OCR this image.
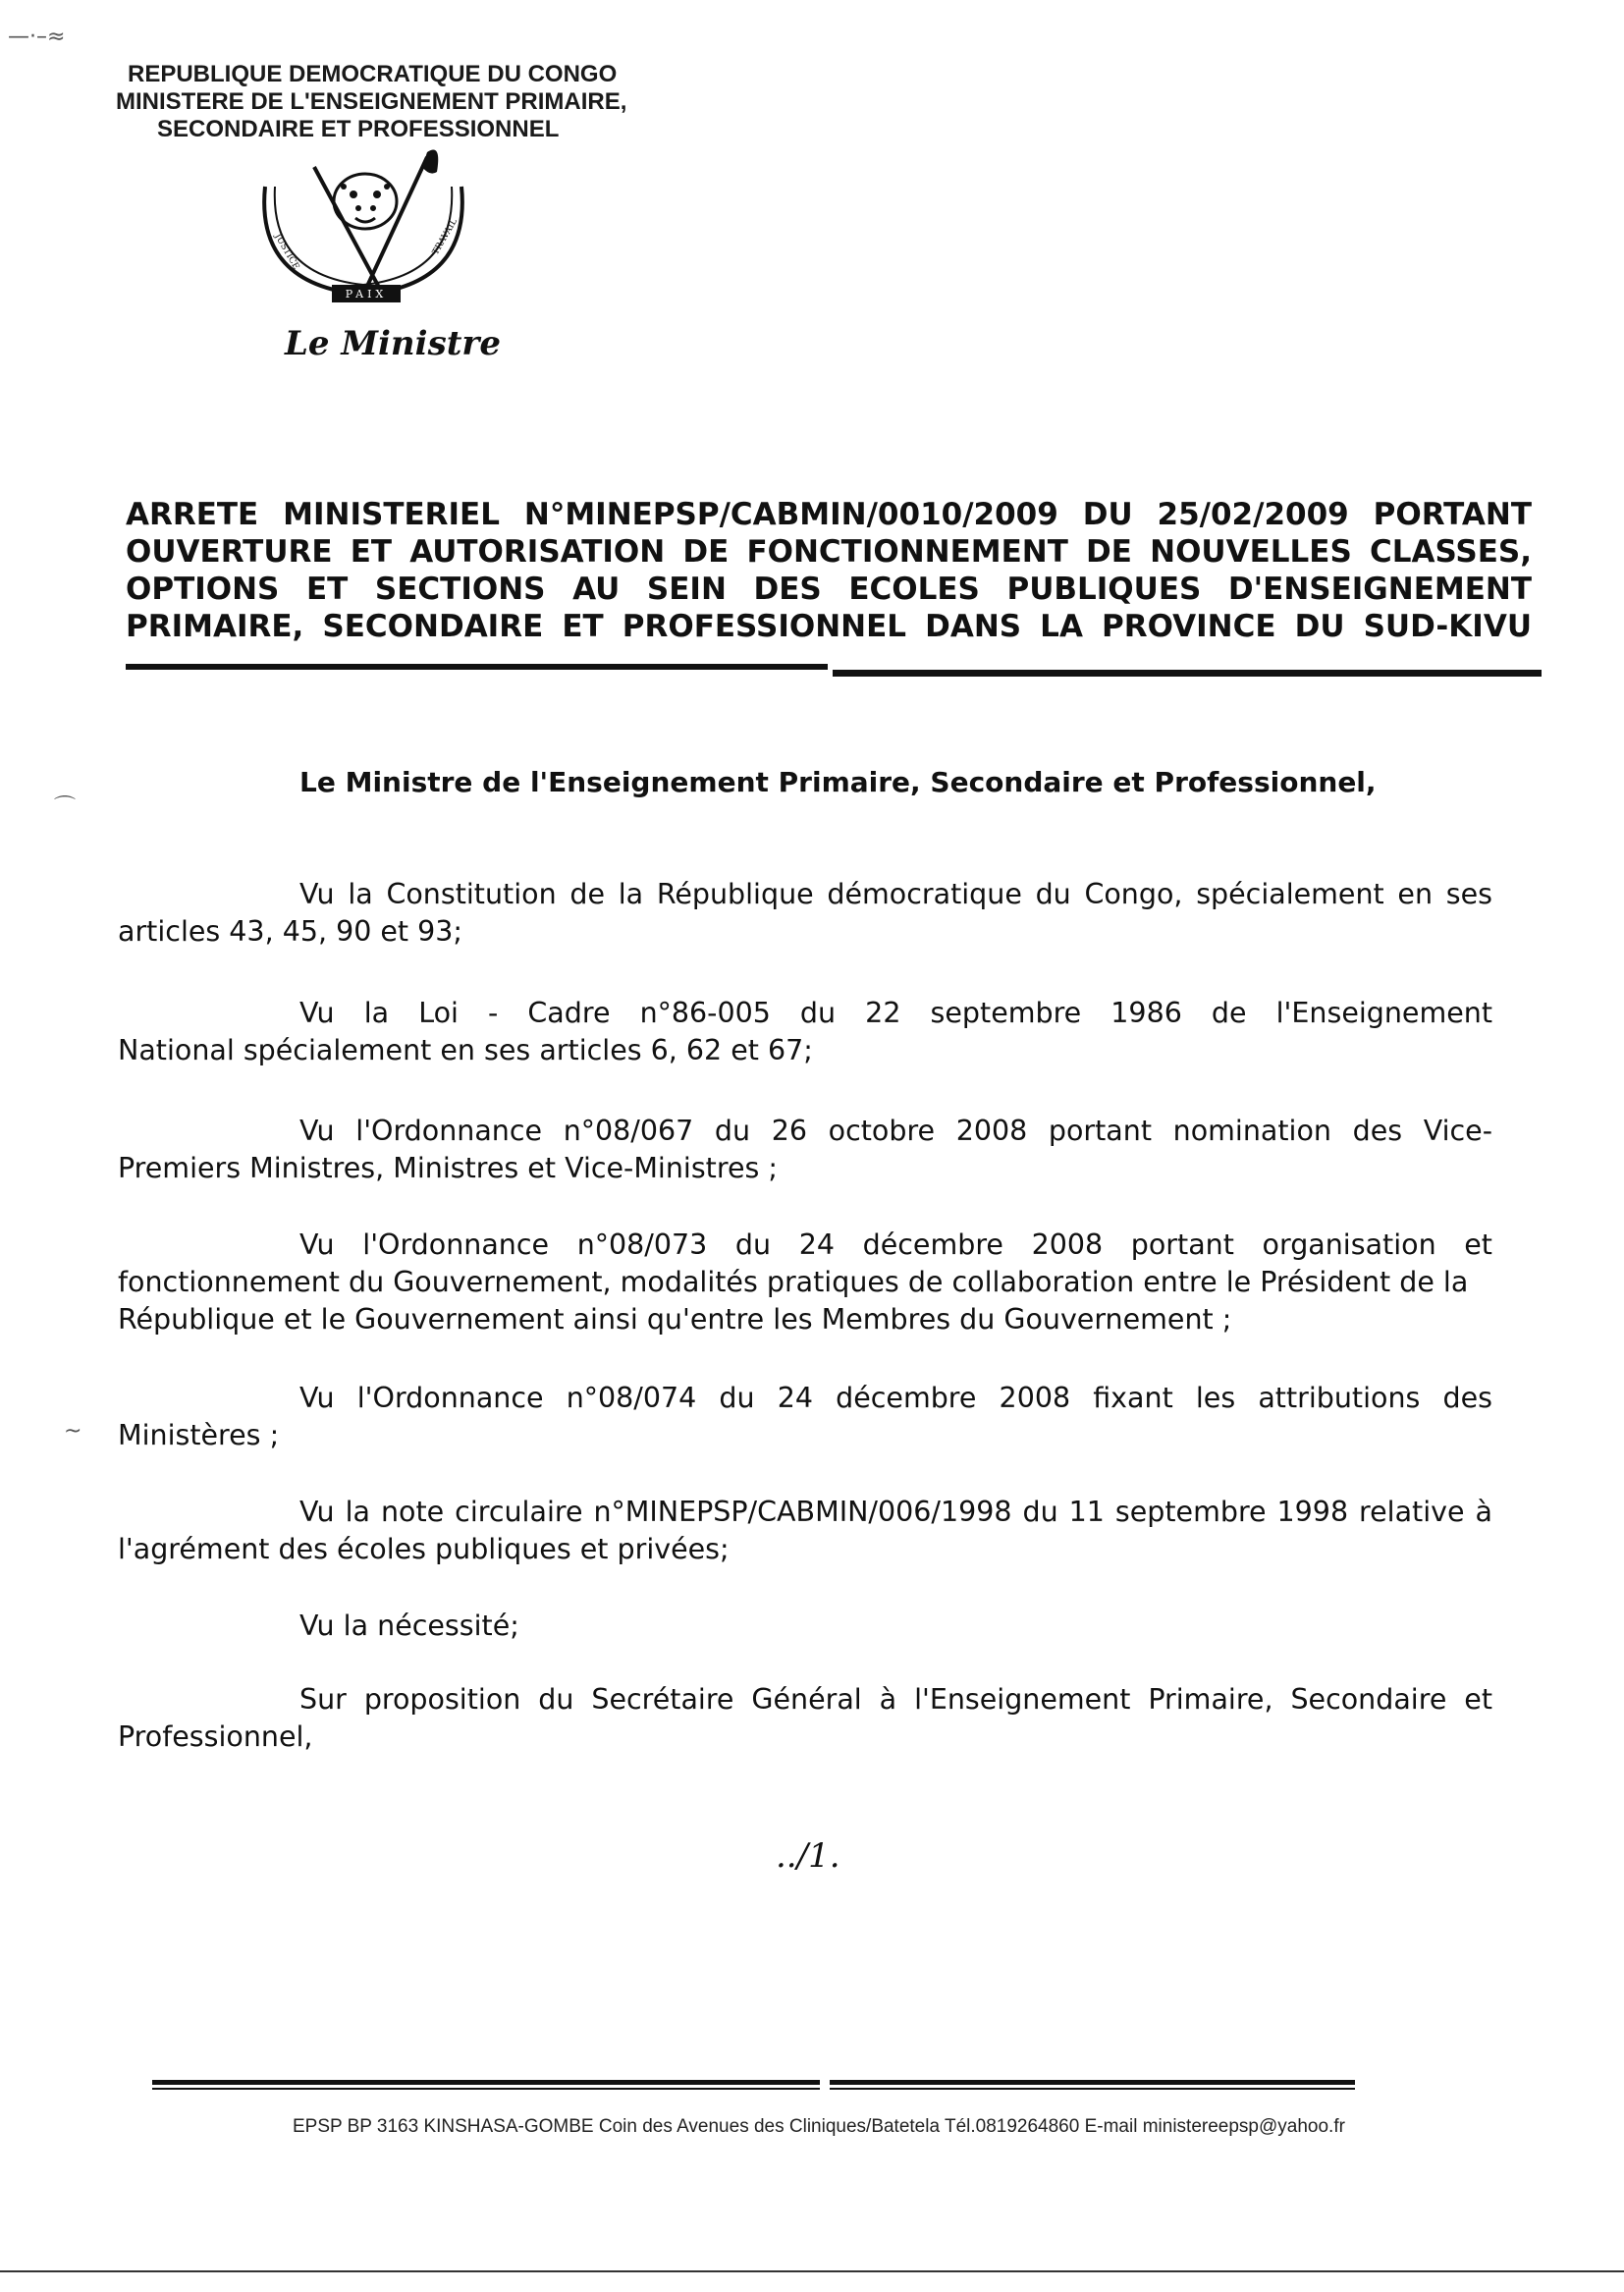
—·–≈
⌒
~
REPUBLIQUE DEMOCRATIQUE DU CONGO
MINISTERE DE L'ENSEIGNEMENT PRIMAIRE,
SECONDAIRE ET PROFESSIONNEL
PAIX
JUSTICE	TRAVAIL
Le Ministre
ARRETE MINISTERIEL N°MINEPSP/CABMIN/0010/2009 DU 25/02/2009 PORTANT
OUVERTURE ET AUTORISATION DE FONCTIONNEMENT DE NOUVELLES CLASSES,
OPTIONS ET SECTIONS AU SEIN DES ECOLES PUBLIQUES D'ENSEIGNEMENT
PRIMAIRE, SECONDAIRE ET PROFESSIONNEL DANS LA PROVINCE DU SUD-KIVU
Le Ministre de l'Enseignement Primaire, Secondaire et Professionnel,
Vu la Constitution de la République démocratique du Congo, spécialement en ses
articles 43, 45, 90 et 93;
Vu la Loi - Cadre n°86-005 du 22 septembre 1986 de l'Enseignement
National spécialement en ses articles 6, 62 et 67;
Vu l'Ordonnance n°08/067 du 26 octobre 2008 portant nomination des Vice-
Premiers Ministres, Ministres et Vice-Ministres ;
Vu l'Ordonnance n°08/073 du 24 décembre 2008 portant organisation et
fonctionnement du Gouvernement, modalités pratiques de collaboration entre le Président de la
République et le Gouvernement ainsi qu'entre les Membres du Gouvernement ;
Vu l'Ordonnance n°08/074 du 24 décembre 2008 fixant les attributions des
Ministères ;
Vu la note circulaire n°MINEPSP/CABMIN/006/1998 du 11 septembre 1998 relative à
l'agrément des écoles publiques et privées;
Vu la nécessité;
Sur proposition du Secrétaire Général à l'Enseignement Primaire, Secondaire et
Professionnel,
../1.
EPSP BP 3163 KINSHASA-GOMBE Coin des Avenues des Cliniques/Batetela Tél.0819264860 E-mail ministereepsp@yahoo.fr
